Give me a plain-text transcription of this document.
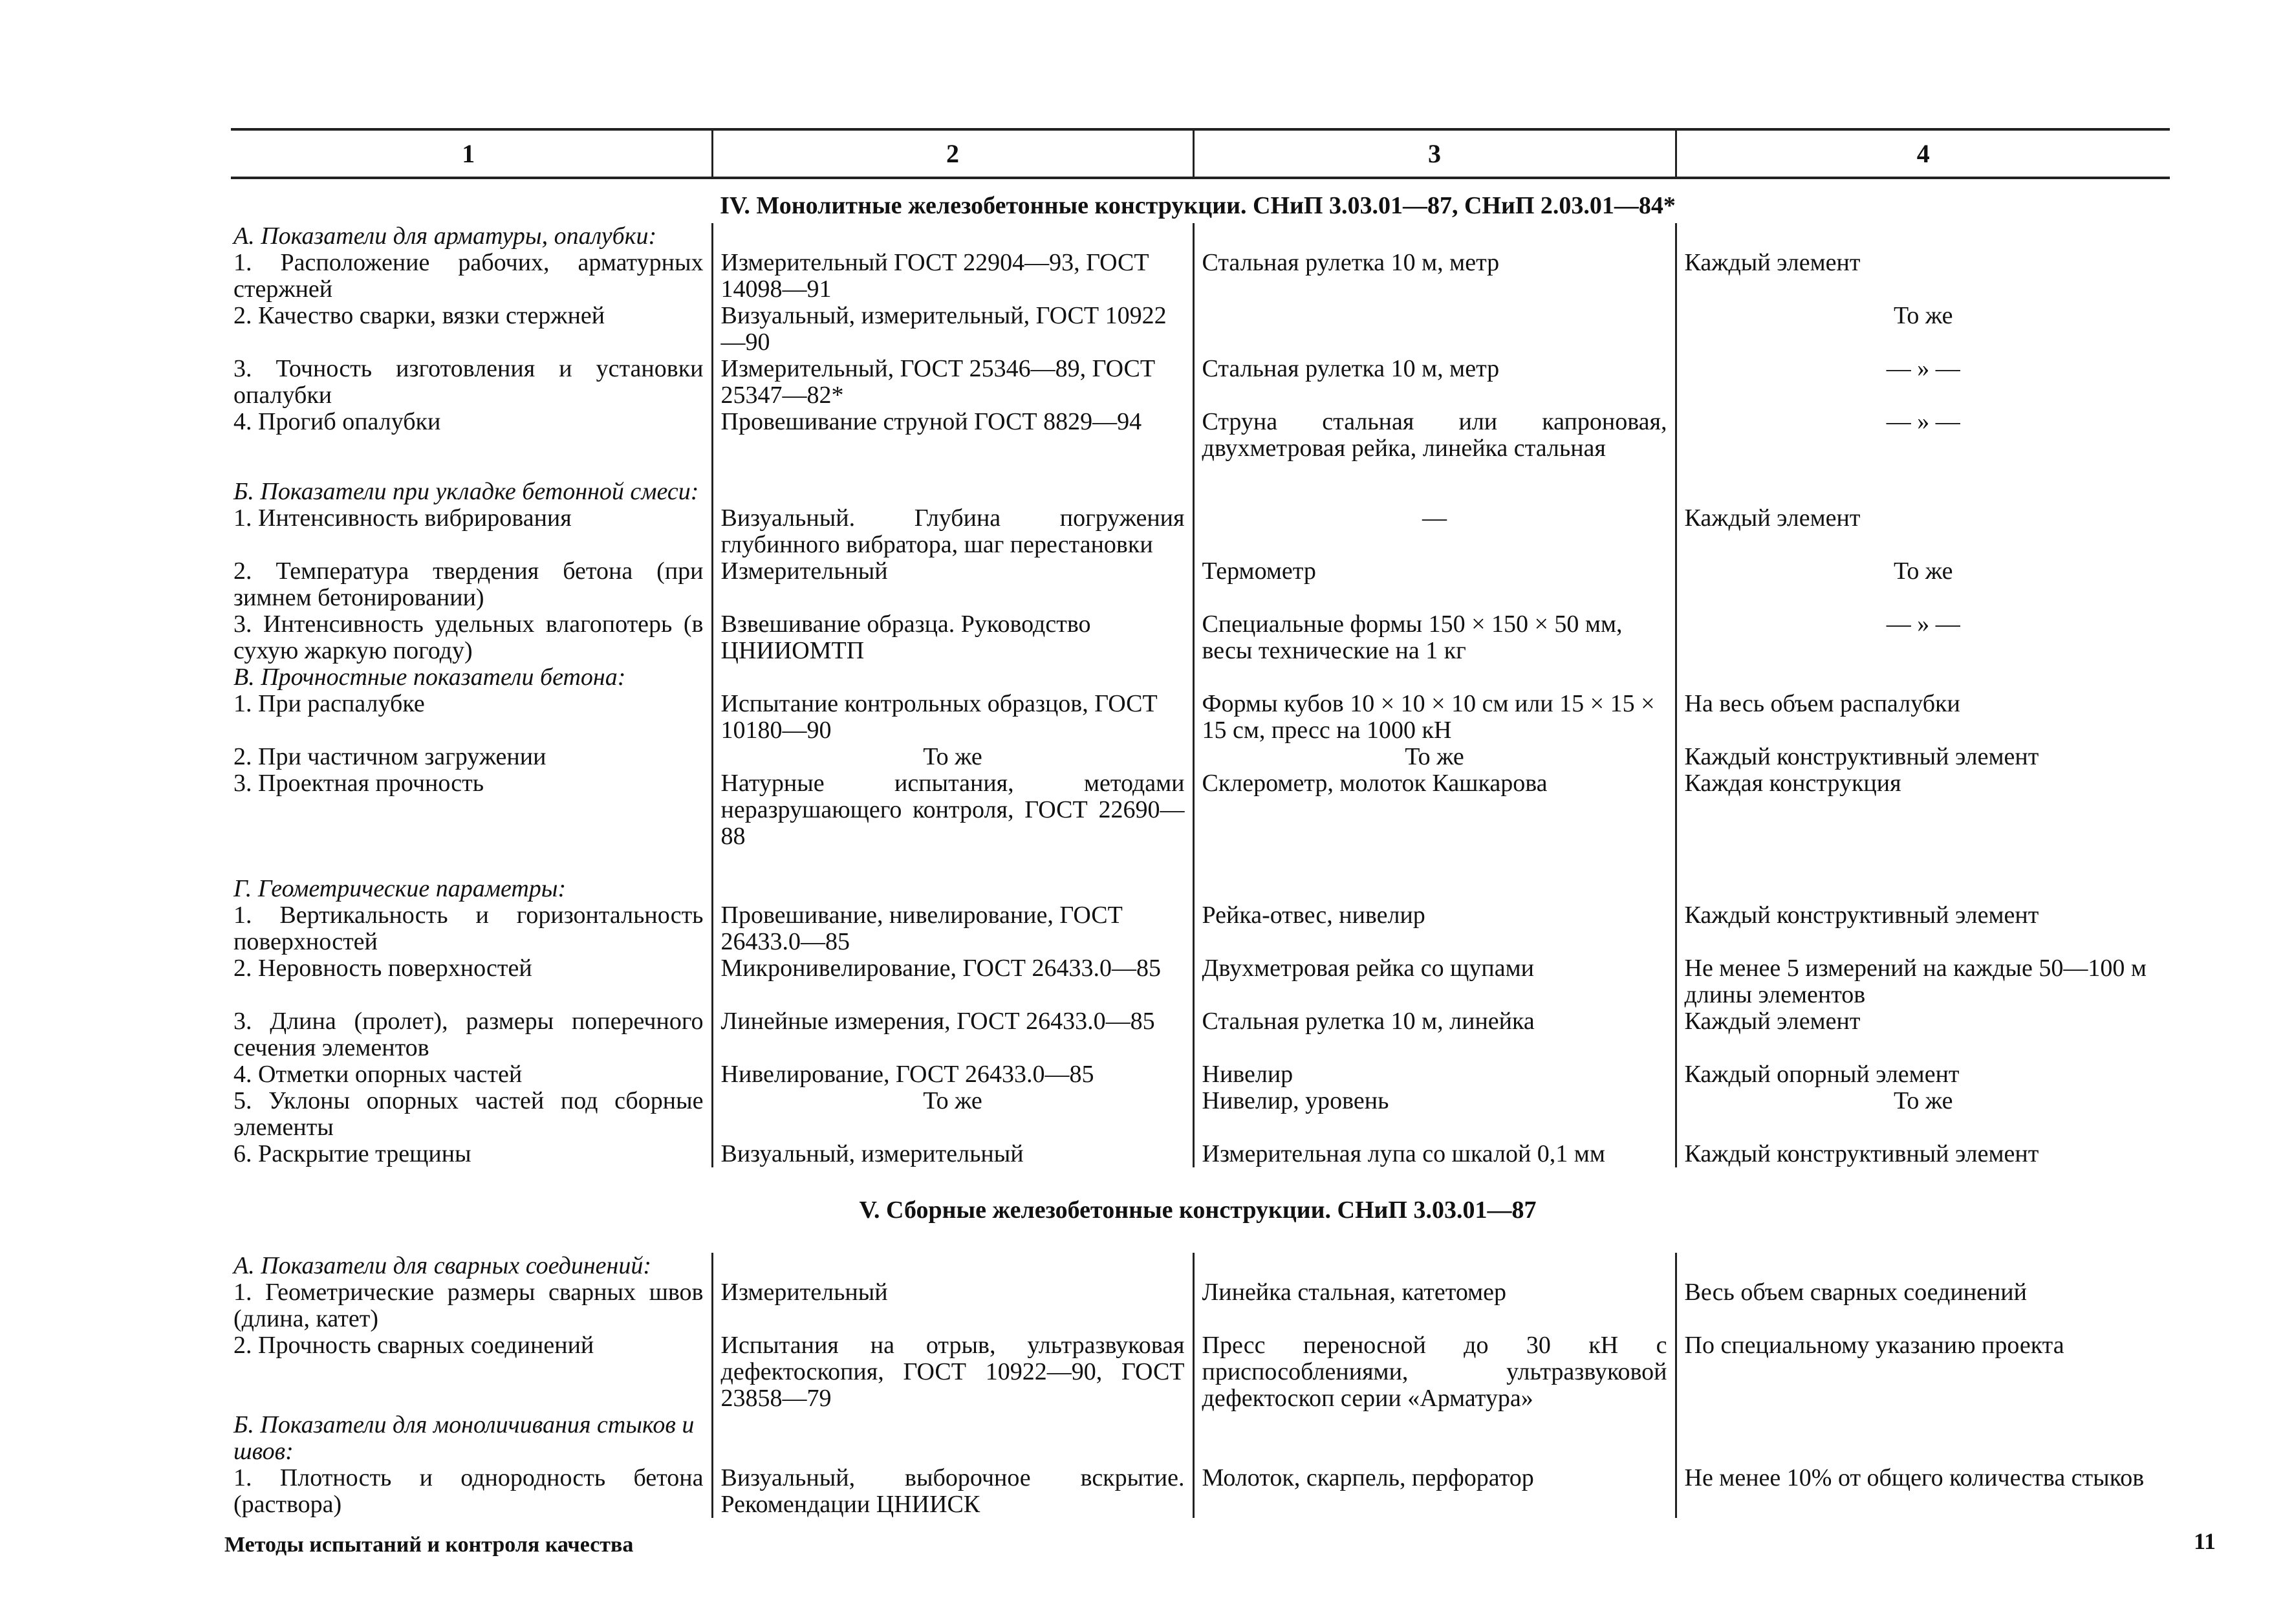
1	2	3	4
IV. Монолитные железобетонные конструкции. СНиП 3.03.01—87, СНиП 2.03.01—84*			
А. Показатели для арматуры, опалубки:			
1. Расположение рабочих, арматурных стержней	Измерительный ГОСТ 22904—93, ГОСТ 14098—91	Стальная рулетка 10 м, метр	Каждый элемент
2. Качество сварки, вязки стержней	Визуальный, измерительный, ГОСТ 10922—90		То же
3. Точность изготовления и установки опалубки	Измерительный, ГОСТ 25346—89, ГОСТ 25347—82*	Стальная рулетка 10 м, метр	— » —
4. Прогиб опалубки	Провешивание струной ГОСТ 8829—94	Струна стальная или капроновая, двухметровая рейка, линейка стальная	— » —

Б. Показатели при укладке бетонной смеси:			
1. Интенсивность вибрирования	Визуальный. Глубина погружения глубинного вибратора, шаг перестановки	—	Каждый элемент
2. Температура твердения бетона (при зимнем бетонировании)	Измерительный	Термометр	То же
3. Интенсивность удельных влагопотерь (в сухую жаркую погоду)	Взвешивание образца. Руководство ЦНИИОМТП	Специальные формы 150 × 150 × 50 мм, весы технические на 1 кг	— » —
В. Прочностные показатели бетона:			
1. При распалубке	Испытание контрольных образцов, ГОСТ 10180—90	Формы кубов 10 × 10 × 10 см или 15 × 15 × 15 см, пресс на 1000 кН	На весь объем распалубки
2. При частичном загружении	То же	То же	Каждый конструктивный элемент
3. Проектная прочность	Натурные испытания, методами неразрушающего контроля, ГОСТ 22690—88	Склерометр, молоток Кашкарова	Каждая конструкция

Г. Геометрические параметры:			
1. Вертикальность и горизонтальность поверхностей	Провешивание, нивелирование, ГОСТ 26433.0—85	Рейка-отвес, нивелир	Каждый конструктивный элемент
2. Неровность поверхностей	Микронивелирование, ГОСТ 26433.0—85	Двухметровая рейка со щупами	Не менее 5 измерений на каждые 50—100 м длины элементов
3. Длина (пролет), размеры поперечного сечения элементов	Линейные измерения, ГОСТ 26433.0—85	Стальная рулетка 10 м, линейка	Каждый элемент
4. Отметки опорных частей	Нивелирование, ГОСТ 26433.0—85	Нивелир	Каждый опорный элемент
5. Уклоны опорных частей под сборные элементы	То же	Нивелир, уровень	То же
6. Раскрытие трещины	Визуальный, измерительный	Измерительная лупа со шкалой 0,1 мм	Каждый конструктивный элемент
V. Сборные железобетонные конструкции. СНиП 3.03.01—87			
А. Показатели для сварных соединений:			
1. Геометрические размеры сварных швов (длина, катет)	Измерительный	Линейка стальная, катетомер	Весь объем сварных соединений
2. Прочность сварных соединений	Испытания на отрыв, ультразвуковая дефектоскопия, ГОСТ 10922—90, ГОСТ 23858—79	Пресс переносной до 30 кН с приспособлениями, ультразвуковой дефектоскоп серии «Арматура»	По специальному указанию проекта
Б. Показатели для моноличивания стыков и швов:			
1. Плотность и однородность бетона (раствора)	Визуальный, выборочное вскрытие. Рекомендации ЦНИИСК	Молоток, скарпель, перфоратор	Не менее 10% от общего количества стыков
Методы испытаний и контроля качества	11
